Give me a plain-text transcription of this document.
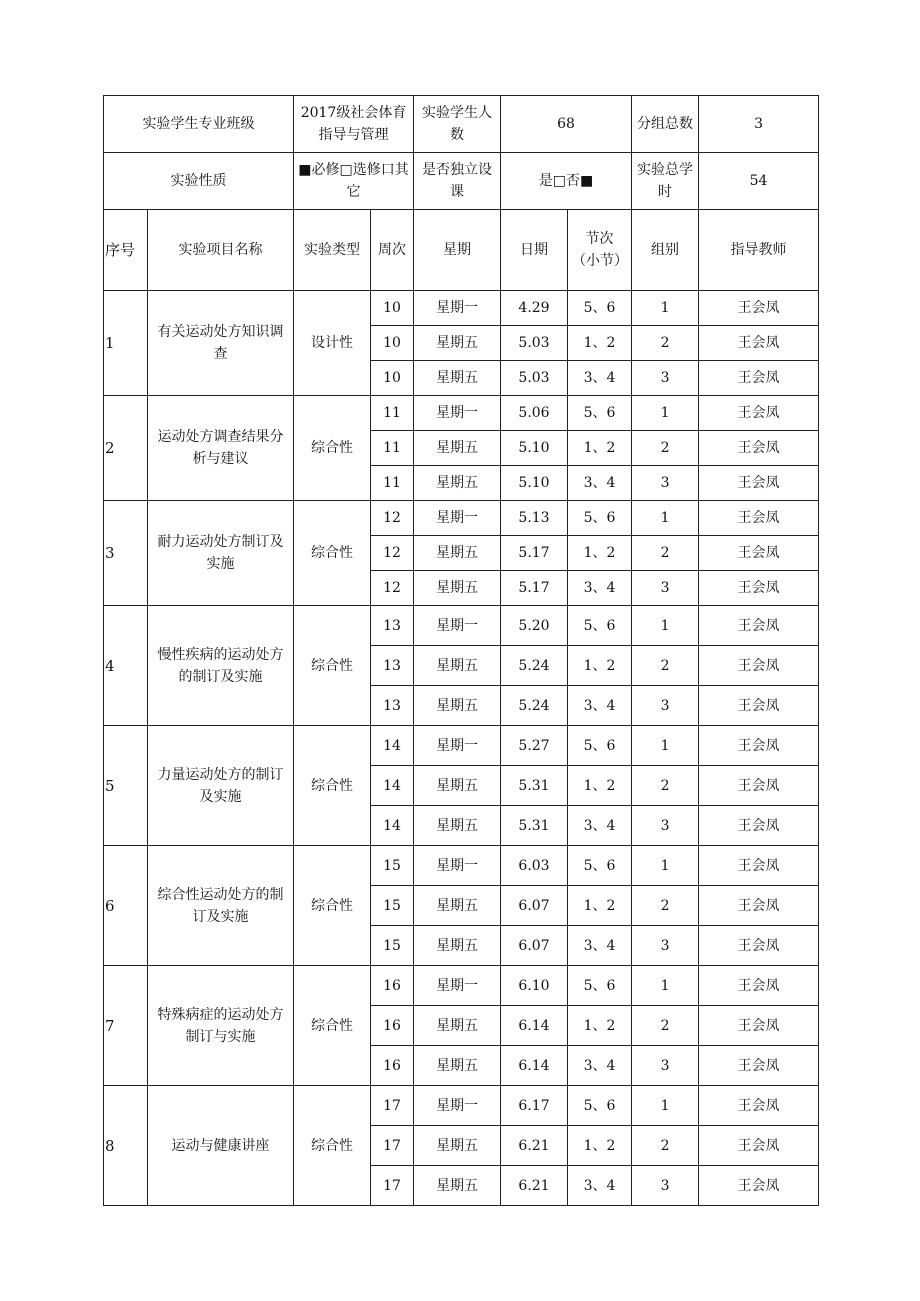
实验学生专业班级		2017级社会体育指导与管理		实验学生人数	68		分组总数	3
实验性质		■必修□选修口其它		是否独立设课	是□否■		实验总学时	54
序号	实验项目名称	实验类型	周次	星期	日期	节次（小节）	组别	指导教师
1	有关运动处方知识调查	设计性	10	星期一	4.29	5、6	1	王会凤
			10	星期五	5.03	1、2	2	王会凤
			10	星期五	5.03	3、4	3	王会凤
2	运动处方调查结果分析与建议	综合性	11	星期一	5.06	5、6	1	王会凤
			11	星期五	5.10	1、2	2	王会凤
			11	星期五	5.10	3、4	3	王会凤
3	耐力运动处方制订及实施	综合性	12	星期一	5.13	5、6	1	王会凤
			12	星期五	5.17	1、2	2	王会凤
			12	星期五	5.17	3、4	3	王会凤
4	慢性疾病的运动处方的制订及实施	综合性	13	星期一	5.20	5、6	1	王会凤
			13	星期五	5.24	1、2	2	王会凤
			13	星期五	5.24	3、4	3	王会凤
5	力量运动处方的制订及实施	综合性	14	星期一	5.27	5、6	1	王会凤
			14	星期五	5.31	1、2	2	王会凤
			14	星期五	5.31	3、4	3	王会凤
6	综合性运动处方的制订及实施	综合性	15	星期一	6.03	5、6	1	王会凤
			15	星期五	6.07	1、2	2	王会凤
			15	星期五	6.07	3、4	3	王会凤
7	特殊病症的运动处方制订与实施	综合性	16	星期一	6.10	5、6	1	王会凤
			16	星期五	6.14	1、2	2	王会凤
			16	星期五	6.14	3、4	3	王会凤
8	运动与健康讲座	综合性	17	星期一	6.17	5、6	1	王会凤
			17	星期五	6.21	1、2	2	王会凤
			17	星期五	6.21	3、4	3	王会凤
